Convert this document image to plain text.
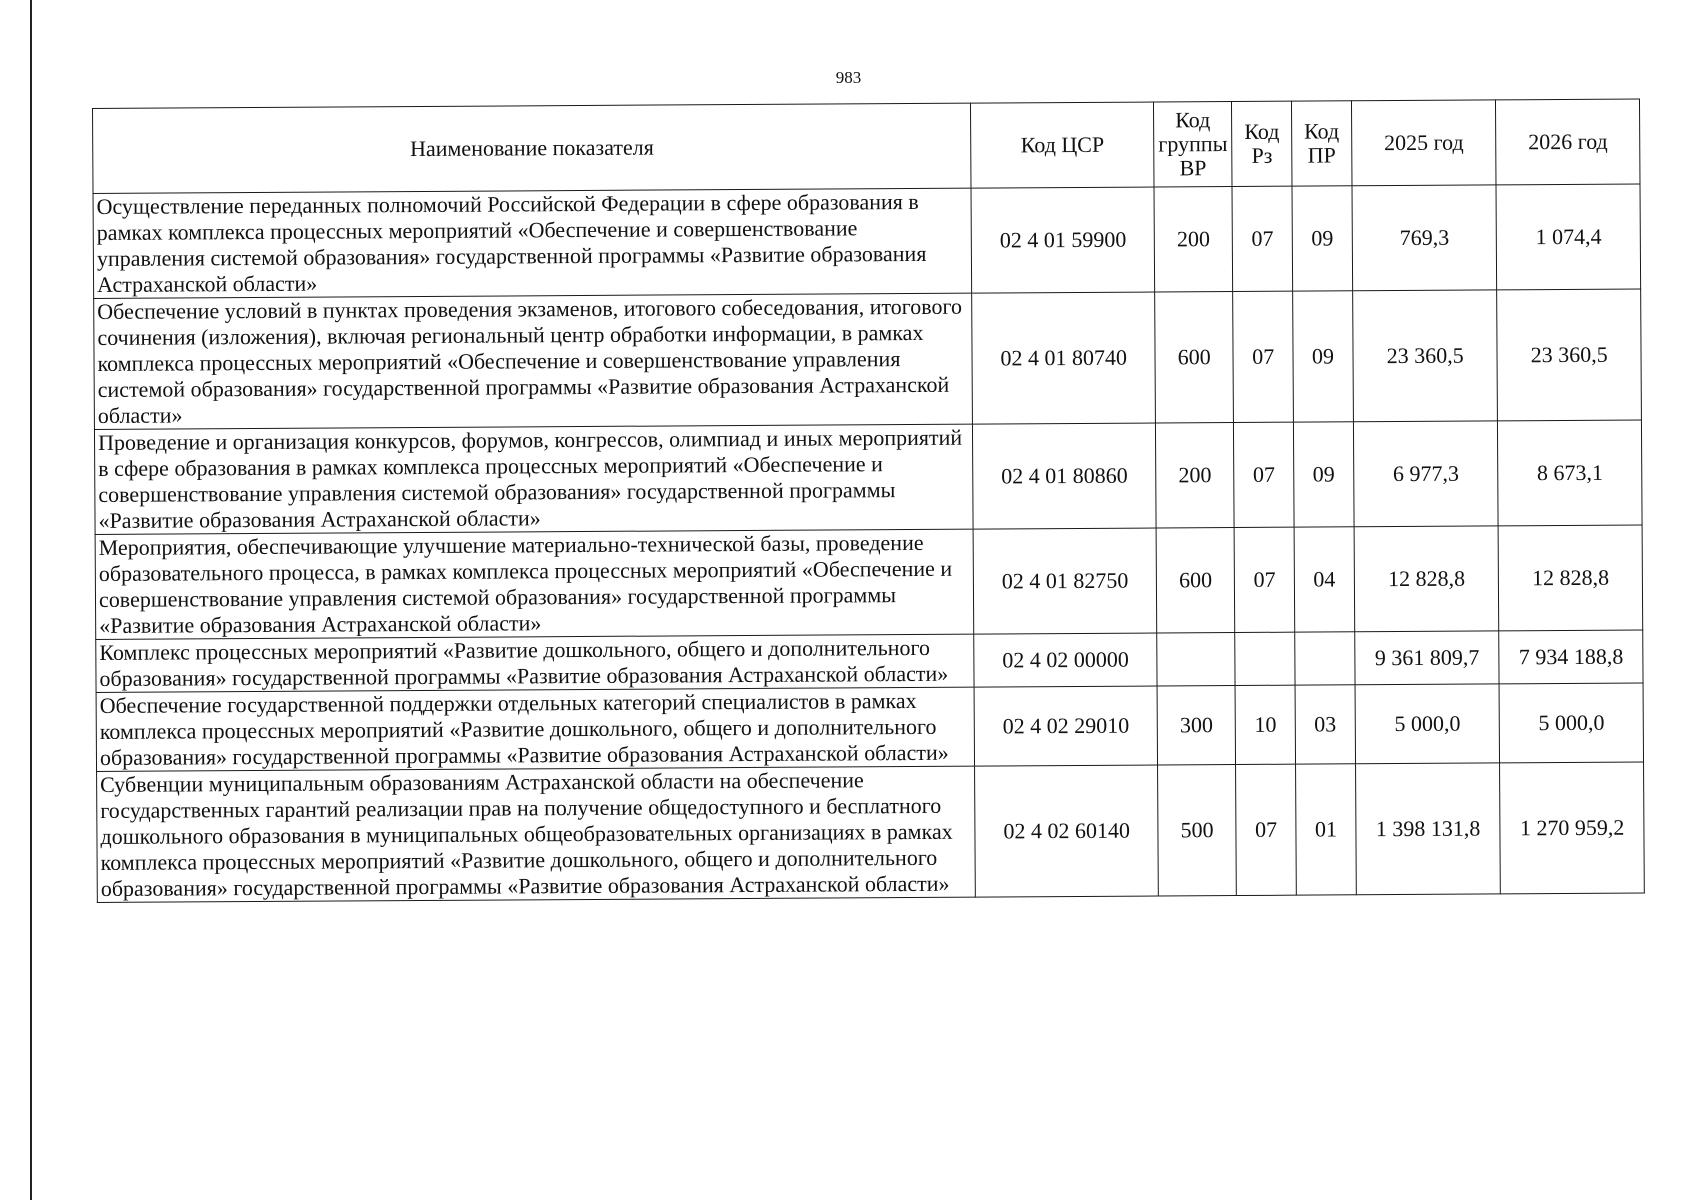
983
Наименование показателя	Код ЦСР	Код группы ВР	Код Рз	Код ПР	2025 год	2026 год
Осуществление переданных полномочий Российской Федерации в сфере образования в рамках комплекса процессных мероприятий «Обеспечение и совершенствование управления системой образования» государственной программы «Развитие образования Астраханской области»	02 4 01 59900	200	07	09	769,3	1 074,4
Обеспечение условий в пунктах проведения экзаменов, итогового собеседования, итогового сочинения (изложения), включая региональный центр обработки информации, в рамках комплекса процессных мероприятий «Обеспечение и совершенствование управления системой образования» государственной программы «Развитие образования Астраханской области»	02 4 01 80740	600	07	09	23 360,5	23 360,5
Проведение и организация конкурсов, форумов, конгрессов, олимпиад и иных мероприятий в сфере образования в рамках комплекса процессных мероприятий «Обеспечение и совершенствование управления системой образования» государственной программы «Развитие образования Астраханской области»	02 4 01 80860	200	07	09	6 977,3	8 673,1
Мероприятия, обеспечивающие улучшение материально-технической базы, проведение образовательного процесса, в рамках комплекса процессных мероприятий «Обеспечение и совершенствование управления системой образования» государственной программы «Развитие образования Астраханской области»	02 4 01 82750	600	07	04	12 828,8	12 828,8
Комплекс процессных мероприятий «Развитие дошкольного, общего и дополнительного образования» государственной программы «Развитие образования Астраханской области»	02 4 02 00000				9 361 809,7	7 934 188,8
Обеспечение государственной поддержки отдельных категорий специалистов в рамках комплекса процессных мероприятий «Развитие дошкольного, общего и дополнительного образования» государственной программы «Развитие образования Астраханской области»	02 4 02 29010	300	10	03	5 000,0	5 000,0
Субвенции муниципальным образованиям Астраханской области на обеспечение государственных гарантий реализации прав на получение общедоступного и бесплатного дошкольного образования в муниципальных общеобразовательных организациях в рамках комплекса процессных мероприятий «Развитие дошкольного, общего и дополнительного образования» государственной программы «Развитие образования Астраханской области»	02 4 02 60140	500	07	01	1 398 131,8	1 270 959,2
